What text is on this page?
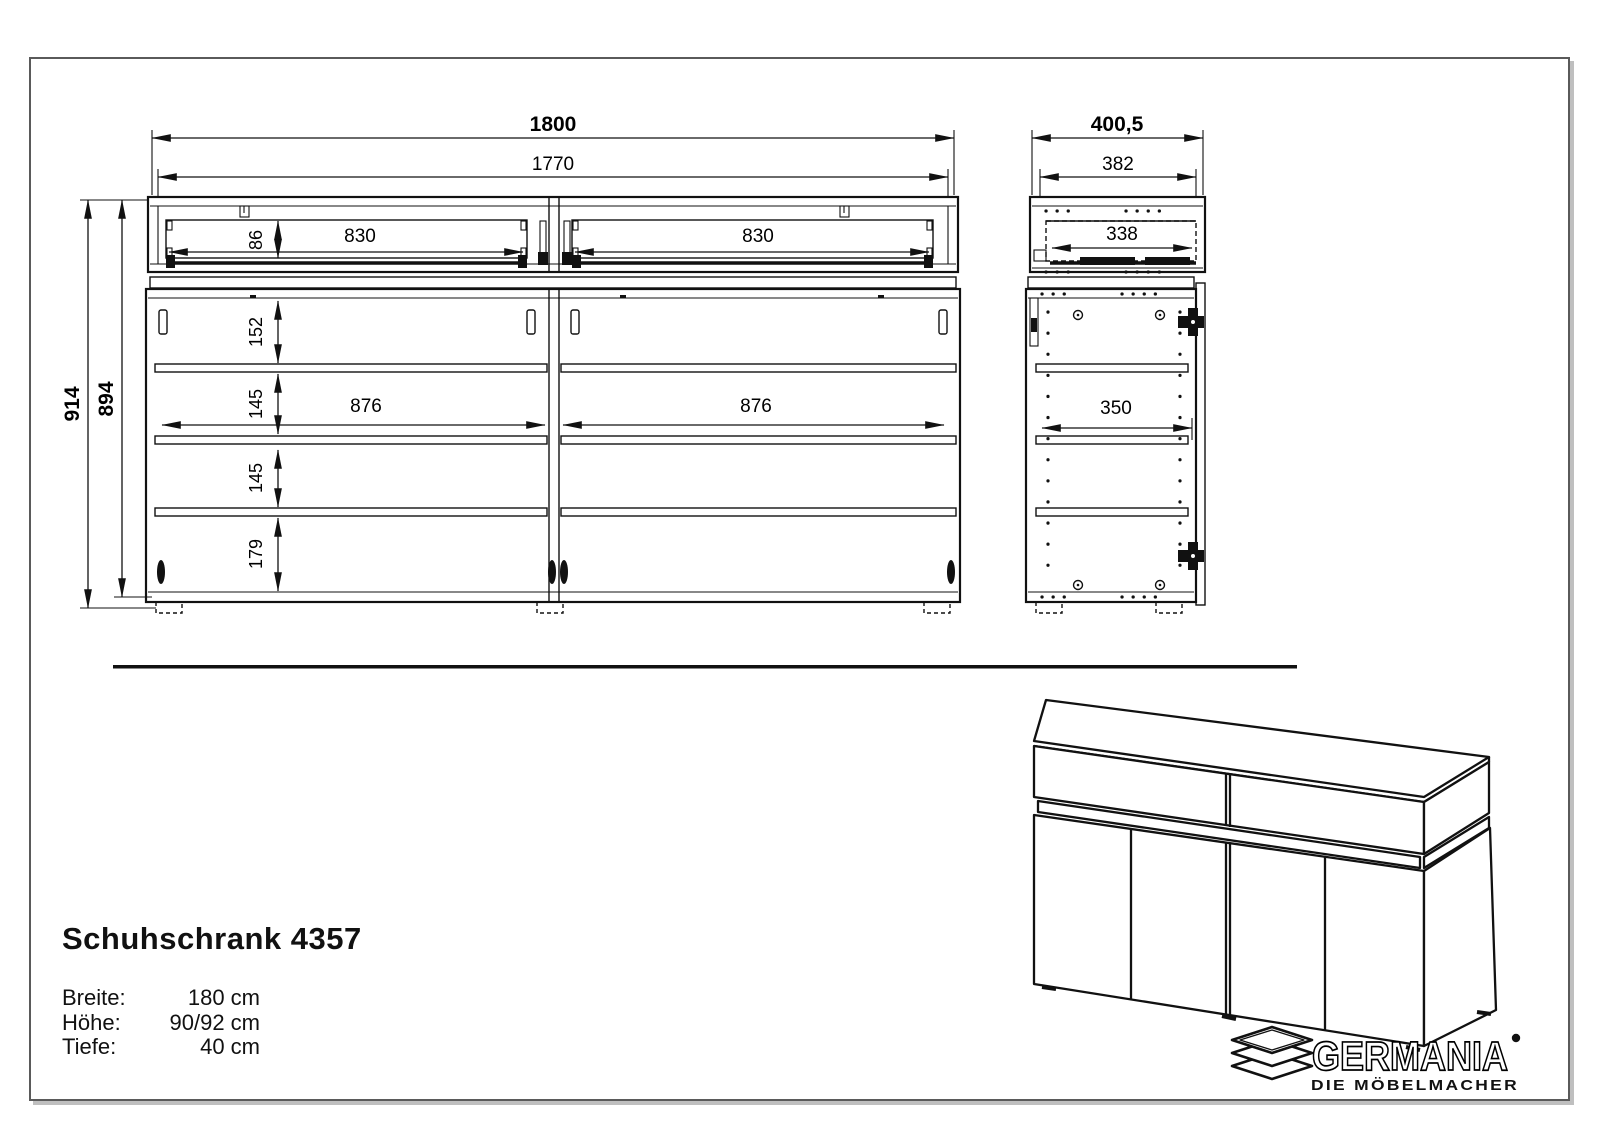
1800
1770
914 894
86	830	830
876	876
152
145
145
179
400,5
382
338
350
GERMANIA
DIE MÖBELMACHER
Schuhschrank 4357
Breite:	180 cm
Höhe: 90/92 cm
Tiefe:	40 cm
